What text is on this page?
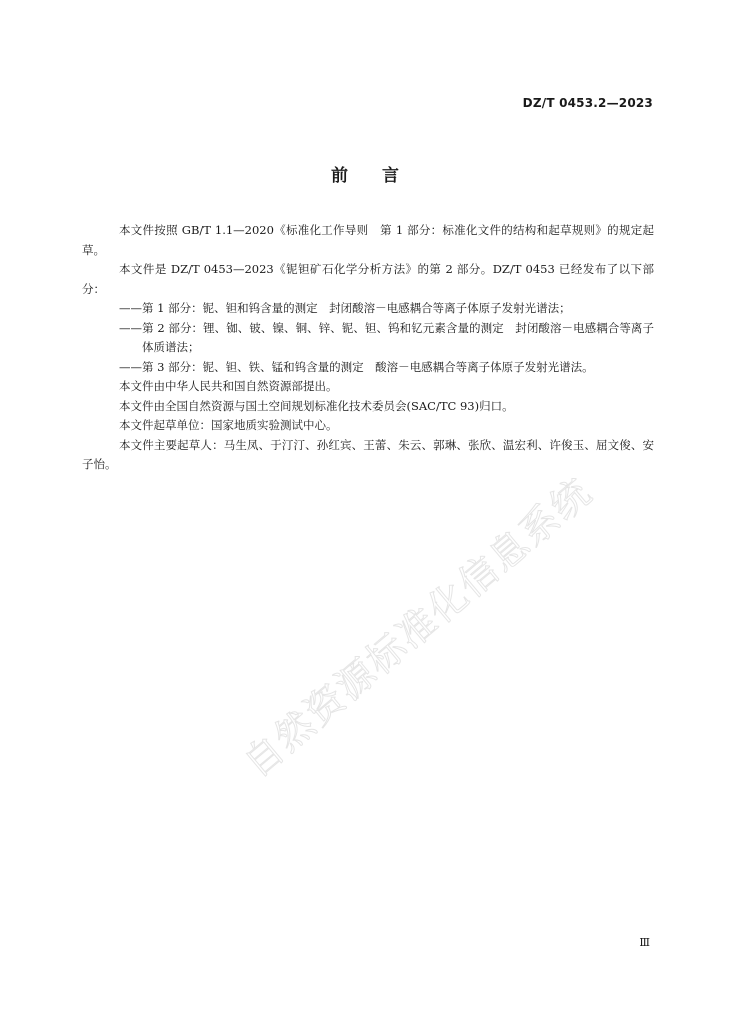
DZ/T 0453.2—2023
前言

本文件按照 GB/T 1.1—2020《标准化工作导则　第 1 部分：标准化文件的结构和起草规则》的规定起草。

本文件是 DZ/T 0453—2023《铌钽矿石化学分析方法》的第 2 部分。DZ/T 0453 已经发布了以下部分：

——第 1 部分：铌、钽和钨含量的测定　封闭酸溶－电感耦合等离子体原子发射光谱法；

——第 2 部分：锂、铷、铍、镍、铜、锌、铌、钽、钨和钇元素含量的测定　封闭酸溶－电感耦合等离子体质谱法；

——第 3 部分：铌、钽、铁、锰和钨含量的测定　酸溶－电感耦合等离子体原子发射光谱法。

本文件由中华人民共和国自然资源部提出。

本文件由全国自然资源与国土空间规划标准化技术委员会(SAC/TC 93)归口。

本文件起草单位：国家地质实验测试中心。

本文件主要起草人：马生凤、于汀汀、孙红宾、王蕾、朱云、郭琳、张欣、温宏利、许俊玉、屈文俊、安子怡。

自然资源标准化信息系统
Ⅲ
